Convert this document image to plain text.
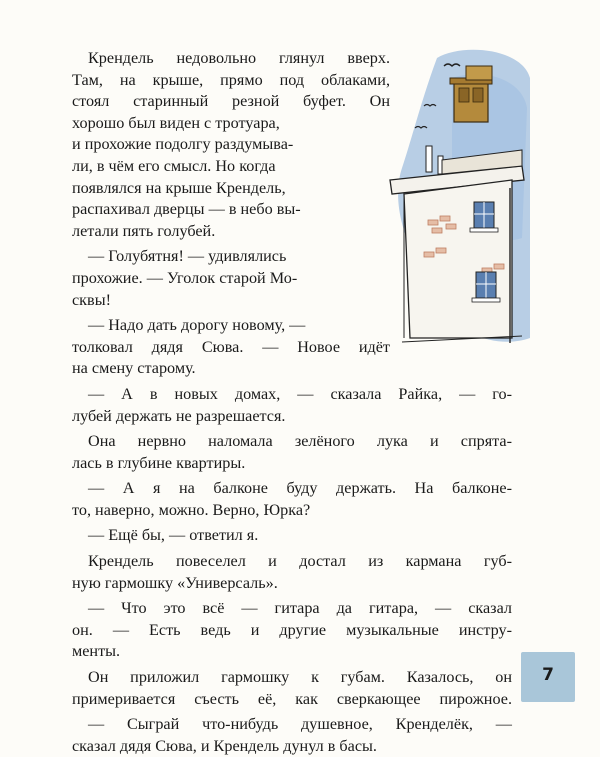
Крендель недовольно глянул вверх.
Там, на крыше, прямо под облаками,
стоял старинный резной буфет. Он
хорошо был виден с тротуара,
и прохожие подолгу раздумыва-
ли, в чём его смысл. Но когда
появлялся на крыше Крендель,
распахивал дверцы — в небо вы-
летали пять голубей.
— Голубятня! — удивлялись
прохожие. — Уголок старой Мо-
сквы!
— Надо дать дорогу новому, —
толковал дядя Сюва. — Новое идёт
на смену старому.
— А в новых домах, — сказала Райка, — го-
лубей держать не разрешается.
Она нервно наломала зелёного лука и спрята-
лась в глубине квартиры.
— А я на балконе буду держать. На балконе-
то, наверно, можно. Верно, Юрка?
— Ещё бы, — ответил я.
Крендель повеселел и достал из кармана губ-
ную гармошку «Универсаль».
— Что это всё — гитара да гитара, — сказал
он. — Есть ведь и другие музыкальные инстру-
менты.
Он приложил гармошку к губам. Казалось, он
примеривается съесть её, как сверкающее пирожное.
— Сыграй что-нибудь душевное, Кренделёк, —
сказал дядя Сюва, и Крендель дунул в басы.
7
